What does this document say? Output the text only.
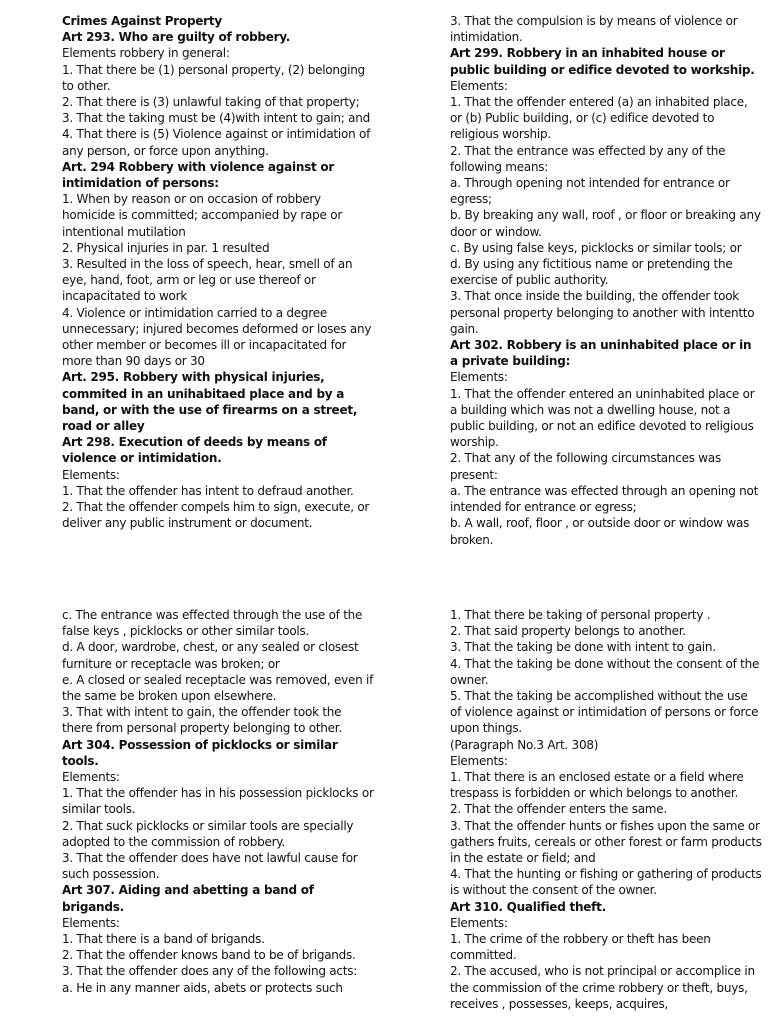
Crimes Against Property

Art 293. Who are guilty of robbery.

Elements robbery in general:

1. That there be (1) personal property, (2) belonging to other.

2. That there is (3) unlawful taking of that property;

3. That the taking must be (4)with intent to gain; and

4. That there is (5) Violence against or intimidation of any person, or force upon anything.

Art. 294 Robbery with violence against or intimidation of persons:

1. When by reason or on occasion of robbery homicide is committed; accompanied by rape or intentional mutilation

2. Physical injuries in par. 1 resulted

3. Resulted in the loss of speech, hear, smell of an eye, hand, foot, arm or leg or use thereof or incapacitated to work

4. Violence or intimidation carried to a degree unnecessary; injured becomes deformed or loses any other member or becomes ill or incapacitated for more than 90 days or 30

Art. 295. Robbery with physical injuries, commited in an unihabitaed place and by a band, or with the use of firearms on a street, road or alley

Art 298. Execution of deeds by means of violence or intimidation.

Elements:

1. That the offender has intent to defraud another.

2. That the offender compels him to sign, execute, or deliver any public instrument or document.

3. That the compulsion is by means of violence or intimidation.

Art 299. Robbery in an inhabited house or public building or edifice devoted to workship.

Elements:

1. That the offender entered (a) an inhabited place, or (b) Public building, or (c) edifice devoted to religious worship.

2. That the entrance was effected by any of the following means:

a. Through opening not intended for entrance or egress;

b. By breaking any wall, roof , or floor or breaking any door or window.

c. By using false keys, picklocks or similar tools; or

d. By using any fictitious name or pretending the exercise of public authority.

3. That once inside the building, the offender took personal property belonging to another with intentto gain.

Art 302. Robbery is an uninhabited place or in a private building:

Elements:

1. That the offender entered an uninhabited place or a building which was not a dwelling house, not a public building, or not an edifice devoted to religious worship.

2. That any of the following circumstances was present:

a. The entrance was effected through an opening not intended for entrance or egress;

b. A wall, roof, floor , or outside door or window was broken.

c. The entrance was effected through the use of the false keys , picklocks or other similar tools.

d. A door, wardrobe, chest, or any sealed or closest furniture or receptacle was broken; or

e. A closed or sealed receptacle was removed, even if the same be broken upon elsewhere.

3. That with intent to gain, the offender took the there from personal property belonging to other.

Art 304. Possession of picklocks or similar tools.

Elements:

1. That the offender has in his possession picklocks or similar tools.

2. That suck picklocks or similar tools are specially adopted to the commission of robbery.

3. That the offender does have not lawful cause for such possession.

Art 307. Aiding and abetting a band of brigands.

Elements:

1. That there is a band of brigands.

2. That the offender knows band to be of brigands.

3. That the offender does any of the following acts:

a. He in any manner aids, abets or protects such

1. That there be taking of personal property .

2. That said property belongs to another.

3. That the taking be done with intent to gain.

4. That the taking be done without the consent of the owner.

5. That the taking be accomplished without the use of violence against or intimidation of persons or force upon things.

(Paragraph No.3 Art. 308)

Elements:

1. That there is an enclosed estate or a field where trespass is forbidden or which belongs to another.

2. That the offender enters the same.

3. That the offender hunts or fishes upon the same or gathers fruits, cereals or other forest or farm products in the estate or field; and

4. That the hunting or fishing or gathering of products is without the consent of the owner.

Art 310. Qualified theft.

Elements:

1. The crime of the robbery or theft has been committed.

2. The accused, who is not principal or accomplice in the commission of the crime robbery or theft, buys, receives , possesses, keeps, acquires,
